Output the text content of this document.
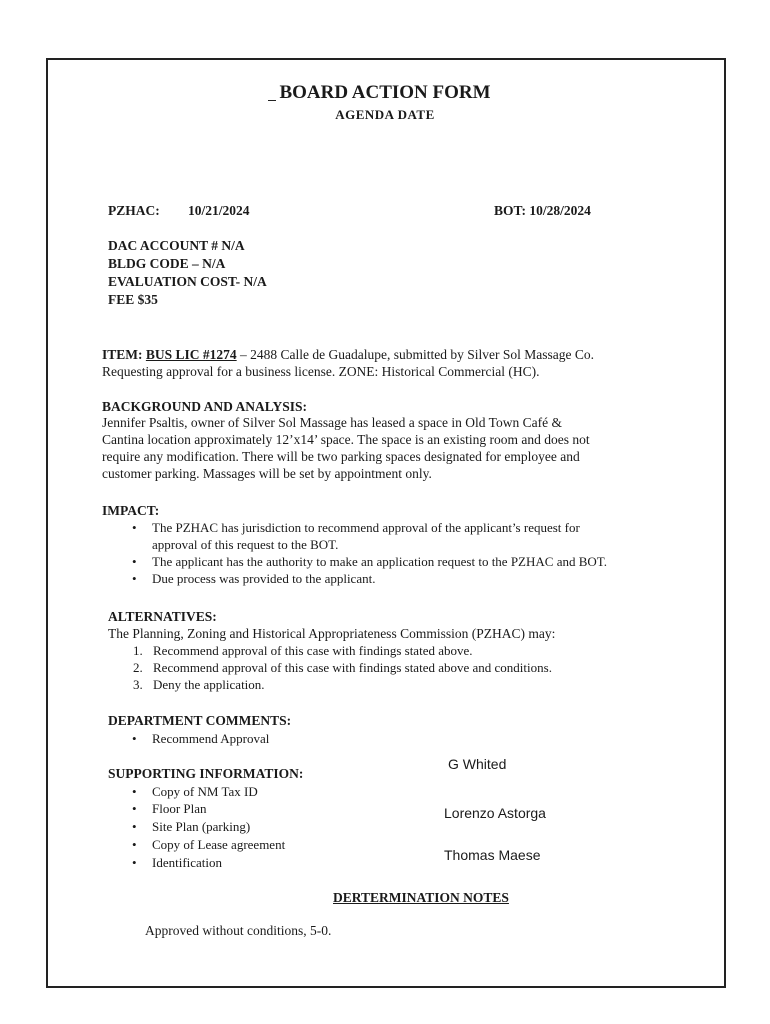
BOARD ACTION FORM
AGENDA DATE
PZHAC: 10/21/2024	BOT: 10/28/2024
DAC ACCOUNT # N/A
BLDG CODE – N/A
EVALUATION COST- N/A
FEE $35
ITEM: BUS LIC #1274 – 2488 Calle de Guadalupe, submitted by Silver Sol Massage Co.
Requesting approval for a business license. ZONE: Historical Commercial (HC).
BACKGROUND AND ANALYSIS:
Jennifer Psaltis, owner of Silver Sol Massage has leased a space in Old Town Café &
Cantina location approximately 12’x14’ space. The space is an existing room and does not
require any modification. There will be two parking spaces designated for employee and
customer parking. Massages will be set by appointment only.
IMPACT:
• The PZHAC has jurisdiction to recommend approval of the applicant’s request for
approval of this request to the BOT.
• The applicant has the authority to make an application request to the PZHAC and BOT.
• Due process was provided to the applicant.
ALTERNATIVES:
The Planning, Zoning and Historical Appropriateness Commission (PZHAC) may:
1. Recommend approval of this case with findings stated above.
2. Recommend approval of this case with findings stated above and conditions.
3. Deny the application.
DEPARTMENT COMMENTS:
• Recommend Approval
SUPPORTING INFORMATION:
• Copy of NM Tax ID
• Floor Plan
• Site Plan (parking)
• Copy of Lease agreement
• Identification
G Whited
Lorenzo Astorga
Thomas Maese
DERTERMINATION NOTES
Approved without conditions, 5-0.
